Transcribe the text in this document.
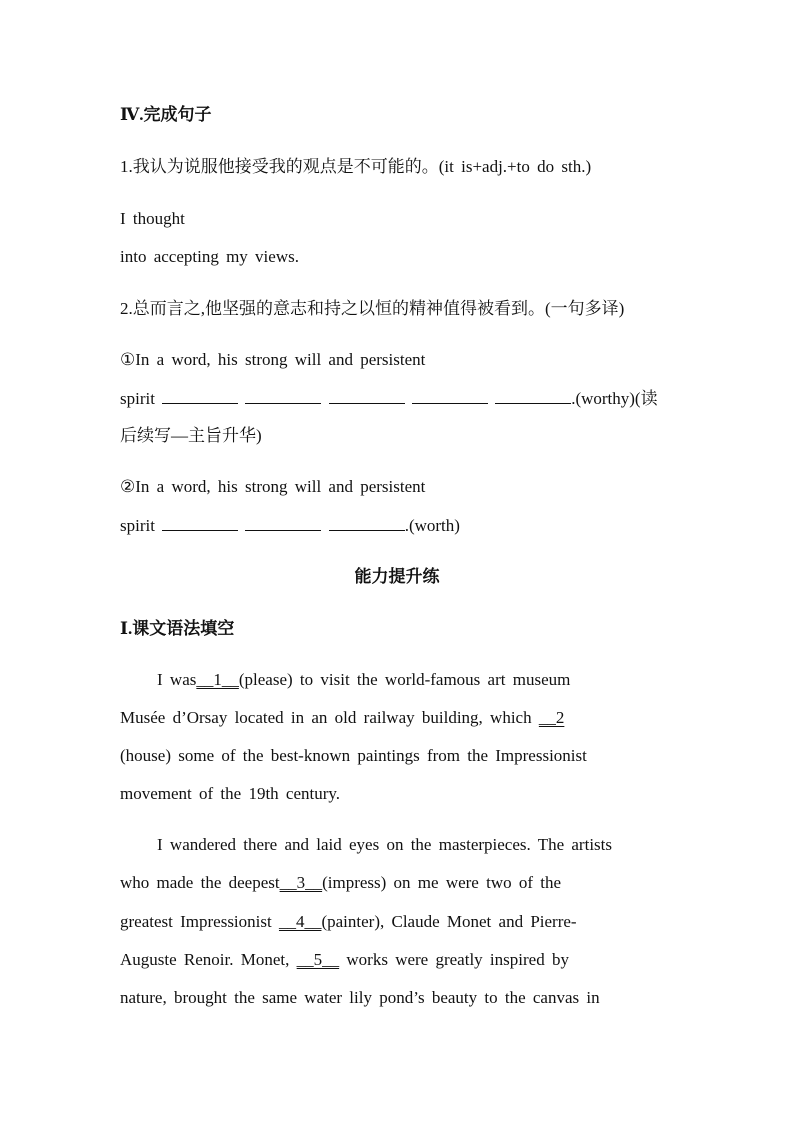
Ⅳ.完成句子
1.我认为说服他接受我的观点是不可能的。(it is+adj.+to do sth.)
I thought
into accepting my views.
2.总而言之,他坚强的意志和持之以恒的精神值得被看到。(一句多译)
①In a word, his strong will and persistent
spirit	.(worthy)(读
后续写—主旨升华)
②In a word, his strong will and persistent
spirit	.(worth)
能力提升练
Ⅰ.课文语法填空
I was__1__(please) to visit the world-famous art museum
Musée d’Orsay located in an old railway building, which __2
(house) some of the best-known paintings from the Impressionist
movement of the 19th century.
I wandered there and laid eyes on the masterpieces. The artists
who made the deepest__3__(impress) on me were two of the
greatest Impressionist __4__(painter), Claude Monet and Pierre-
Auguste Renoir. Monet, __5__ works were greatly inspired by
nature, brought the same water lily pond’s beauty to the canvas in
